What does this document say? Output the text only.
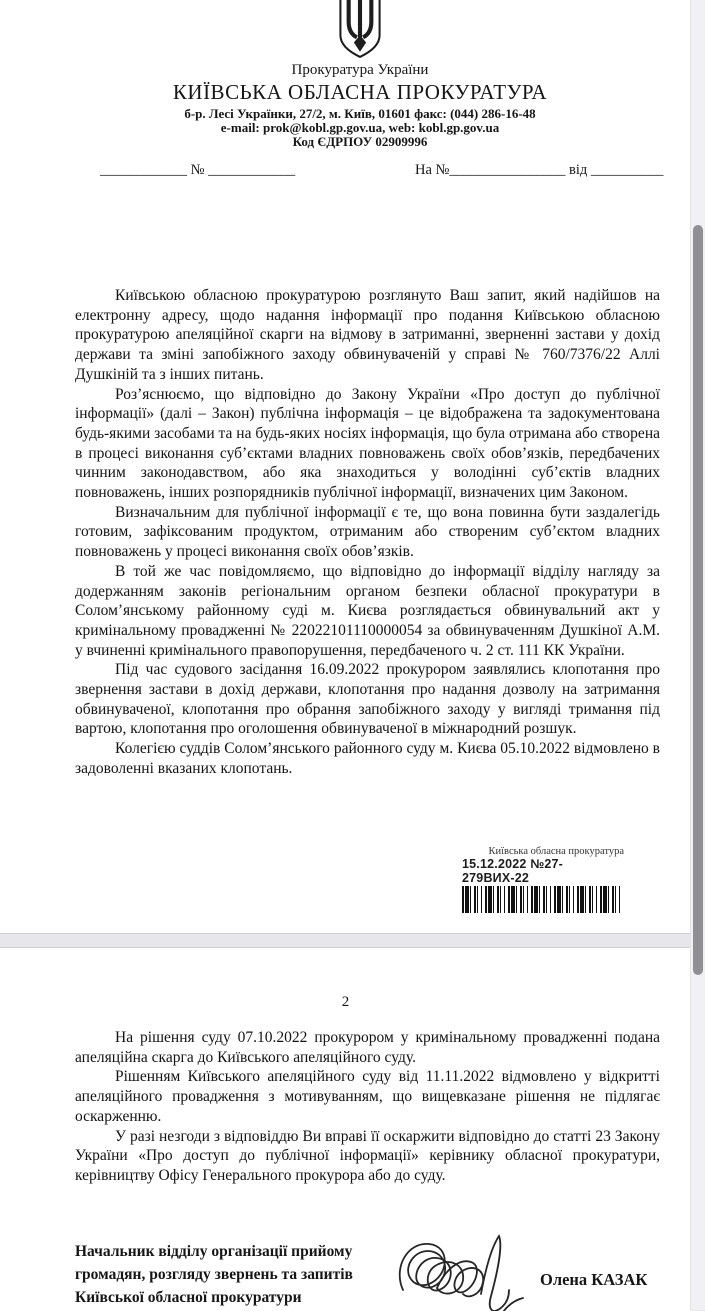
Прокуратура України
КИЇВСЬКА ОБЛАСНА ПРОКУРАТУРА
б-р. Лесі Українки, 27/2, м. Київ, 01601 факс: (044) 286-16-48
e-mail: prok@kobl.gp.gov.ua, web: kobl.gp.gov.ua
Код ЄДРПОУ 02909996
____________ № ____________	На №________________ від __________

Київською обласною прокуратурою розглянуто Ваш запит, який надійшов на електронну адресу, щодо надання інформації про подання Київською обласною прокуратурою апеляційної скарги на відмову в затриманні, зверненні застави у дохід держави та зміні запобіжного заходу обвинуваченій у справі № 760/7376/22 Аллі Душкіній та з інших питань.

Роз’яснюємо, що відповідно до Закону України «Про доступ до публічної інформації» (далі – Закон) публічна інформація – це відображена та задокументована будь-якими засобами та на будь-яких носіях інформація, що була отримана або створена в процесі виконання суб’єктами владних повноважень своїх обов’язків, передбачених чинним законодавством, або яка знаходиться у володінні суб’єктів владних повноважень, інших розпорядників публічної інформації, визначених цим Законом.

Визначальним для публічної інформації є те, що вона повинна бути заздалегідь готовим, зафіксованим продуктом, отриманим або створеним суб’єктом владних повноважень у процесі виконання своїх обов’язків.

В той же час повідомляємо, що відповідно до інформації відділу нагляду за додержанням законів регіональним органом безпеки обласної прокуратури в Солом’янському районному суді м. Києва розглядається обвинувальний акт у кримінальному провадженні № 22022101110000054 за обвинуваченням Душкіної А.М. у вчиненні кримінального правопорушення, передбаченого ч. 2 ст. 111 КК України.

Під час судового засідання 16.09.2022 прокурором заявлялись клопотання про звернення застави в дохід держави, клопотання про надання дозволу на затримання обвинуваченої, клопотання про обрання запобіжного заходу у вигляді тримання під вартою, клопотання про оголошення обвинуваченої в міжнародний розшук.

Колегією суддів Солом’янського районного суду м. Києва 05.10.2022 відмовлено в задоволенні вказаних клопотань.

Київська обласна прокуратура
15.12.2022 №27-279ВИХ-22
2

На рішення суду 07.10.2022 прокурором у кримінальному провадженні подана апеляційна скарга до Київського апеляційного суду.

Рішенням Київського апеляційного суду від 11.11.2022 відмовлено у відкритті апеляційного провадження з мотивуванням, що вищевказане рішення не підлягає оскарженню.

У разі незгоди з відповіддю Ви вправі її оскаржити відповідно до статті 23 Закону України «Про доступ до публічної інформації» керівнику обласної прокуратури, керівництву Офісу Генерального прокурора або до суду.

Начальник відділу організації прийому
громадян, розгляду звернень та запитів
Київської обласної прокуратури
Олена КАЗАК
